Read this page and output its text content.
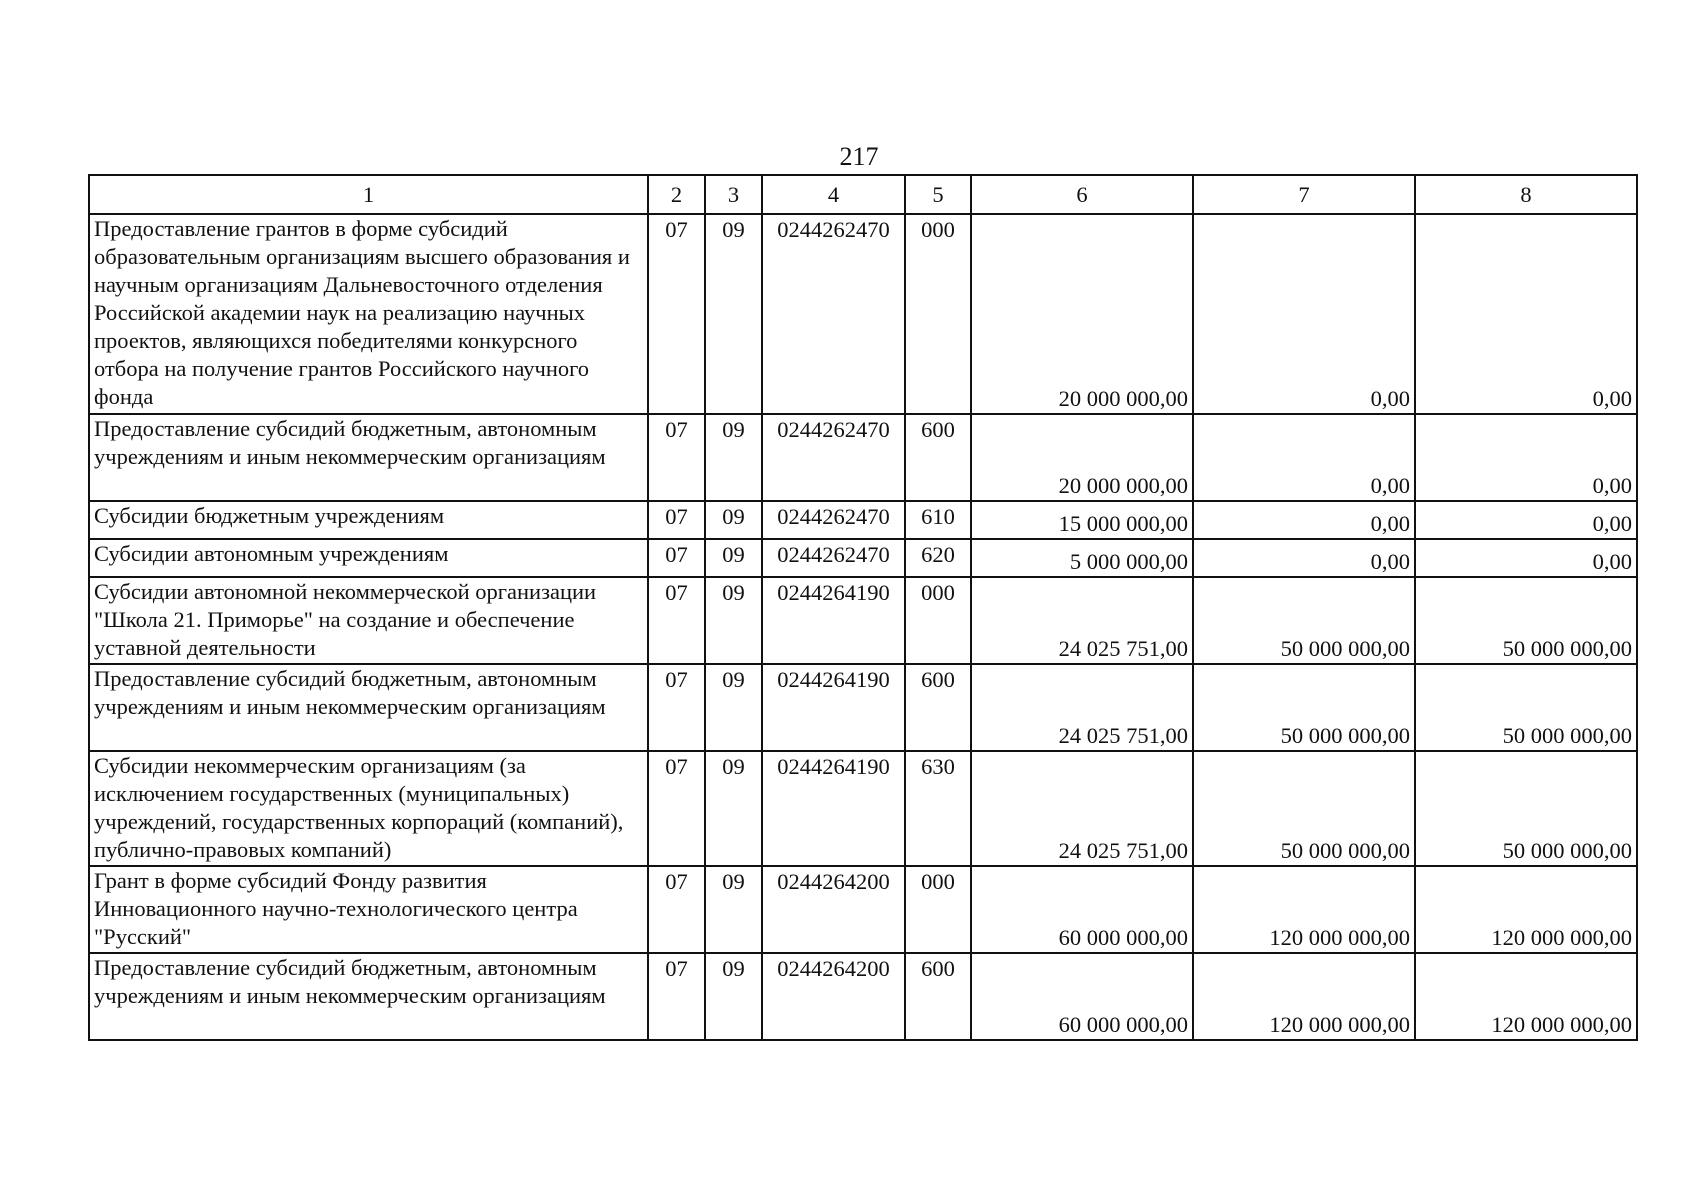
217
1	2	3	4	5	6	7	8
Предоставление грантов в форме субсидий образовательным организациям высшего образования и научным организациям Дальневосточного отделения Российской академии наук на реализацию научных проектов, являющихся победителями конкурсного отбора на получение грантов Российского научного фонда	07	09	0244262470	000	20 000 000,00	0,00	0,00
Предоставление субсидий бюджетным, автономным учреждениям и иным некоммерческим организациям	07	09	0244262470	600	20 000 000,00	0,00	0,00
Субсидии бюджетным учреждениям	07	09	0244262470	610	15 000 000,00	0,00	0,00
Субсидии автономным учреждениям	07	09	0244262470	620	5 000 000,00	0,00	0,00
Субсидии автономной некоммерческой организации "Школа 21. Приморье" на создание и обеспечение уставной деятельности	07	09	0244264190	000	24 025 751,00	50 000 000,00	50 000 000,00
Предоставление субсидий бюджетным, автономным учреждениям и иным некоммерческим организациям	07	09	0244264190	600	24 025 751,00	50 000 000,00	50 000 000,00
Субсидии некоммерческим организациям (за исключением государственных (муниципальных) учреждений, государственных корпораций (компаний), публично-правовых компаний)	07	09	0244264190	630	24 025 751,00	50 000 000,00	50 000 000,00
Грант в форме субсидий Фонду развития Инновационного научно-технологического центра "Русский"	07	09	0244264200	000	60 000 000,00	120 000 000,00	120 000 000,00
Предоставление субсидий бюджетным, автономным учреждениям и иным некоммерческим организациям	07	09	0244264200	600	60 000 000,00	120 000 000,00	120 000 000,00
